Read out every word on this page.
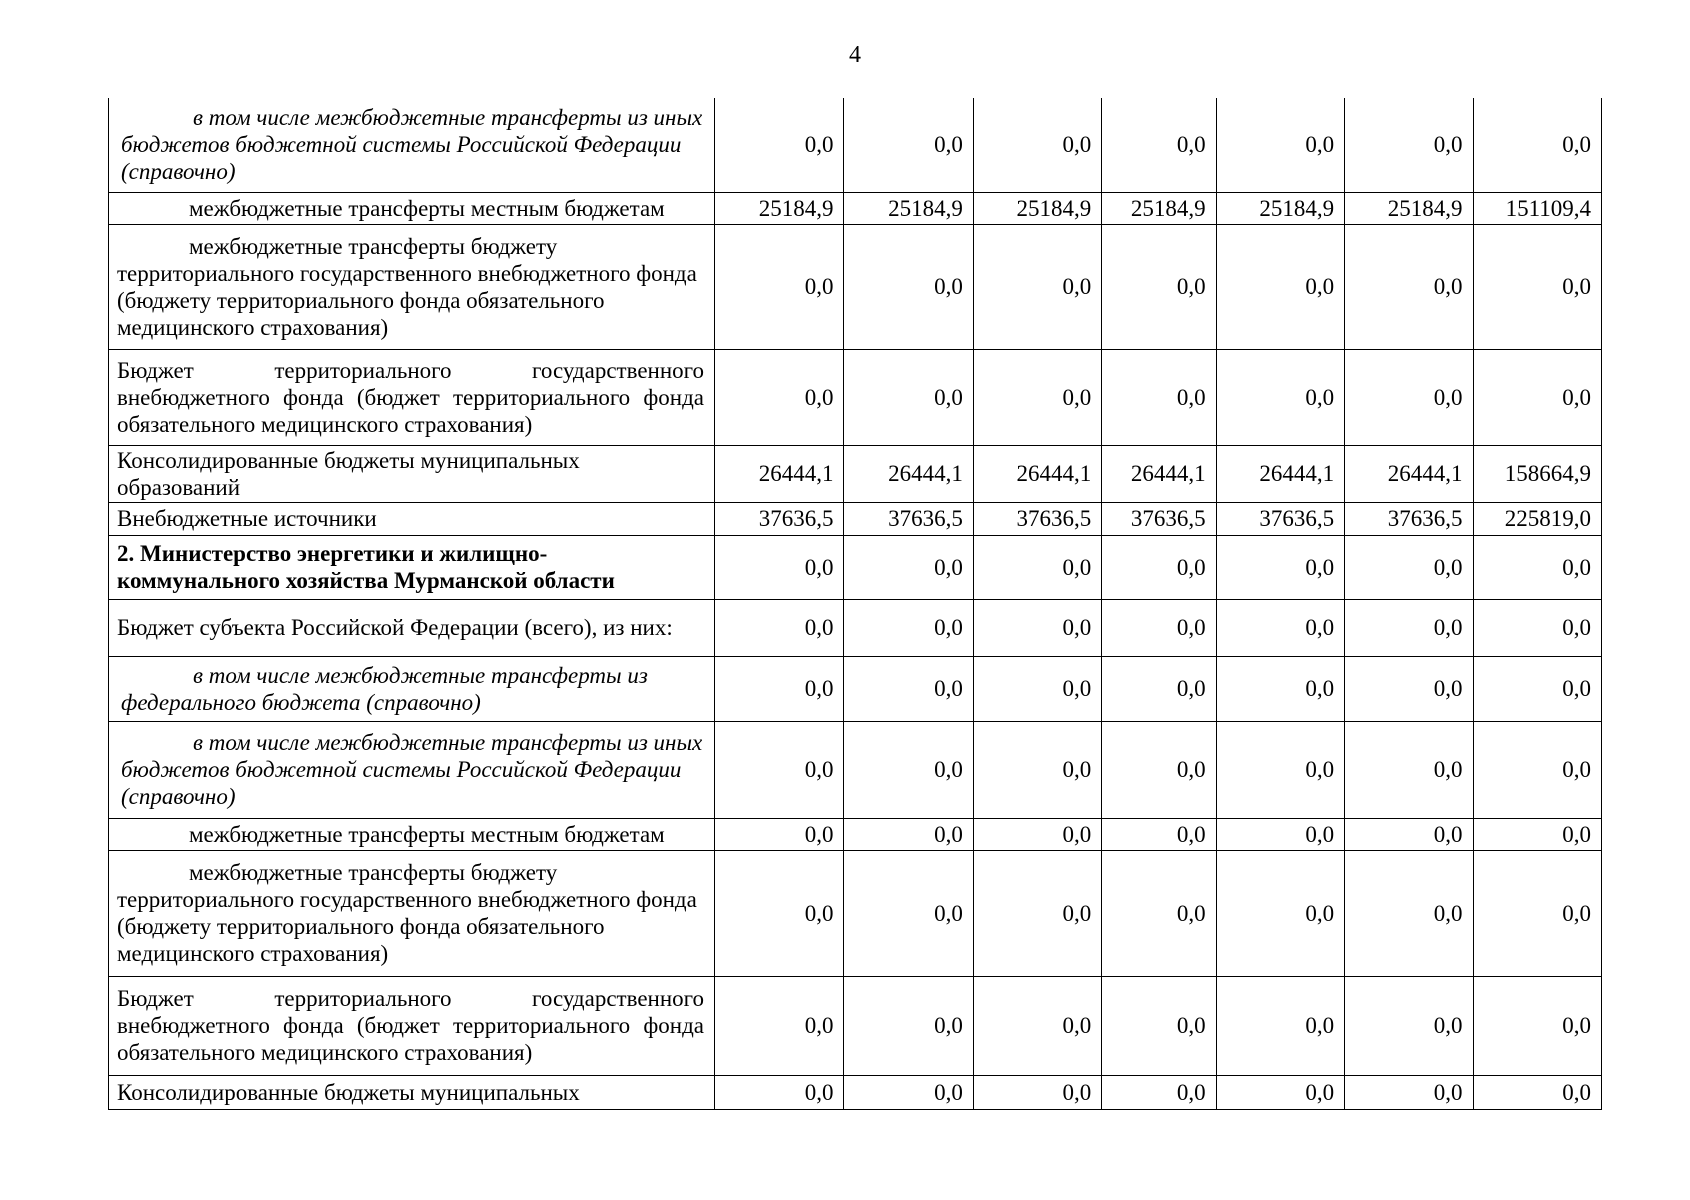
4
в том числе межбюджетные трансферты из иных бюджетов бюджетной системы Российской Федерации (справочно)	0,0	0,0	0,0	0,0	0,0	0,0	0,0

межбюджетные трансферты местным бюджетам	25184,9	25184,9	25184,9	25184,9	25184,9	25184,9	151109,4

межбюджетные трансферты бюджету территориального государственного внебюджетного фонда (бюджету территориального фонда обязательного медицинского страхования)	0,0	0,0	0,0	0,0	0,0	0,0	0,0
Бюджет территориального государственного внебюджетного фонда (бюджет территориального фонда обязательного медицинского страхования)	0,0	0,0	0,0	0,0	0,0	0,0	0,0
Консолидированные бюджеты муниципальных образований	26444,1	26444,1	26444,1	26444,1	26444,1	26444,1	158664,9
Внебюджетные источники	37636,5	37636,5	37636,5	37636,5	37636,5	37636,5	225819,0
2. Министерство энергетики и жилищно-коммунального хозяйства Мурманской области	0,0	0,0	0,0	0,0	0,0	0,0	0,0
Бюджет субъекта Российской Федерации (всего), из них:	0,0	0,0	0,0	0,0	0,0	0,0	0,0

в том числе межбюджетные трансферты из федерального бюджета (справочно)	0,0	0,0	0,0	0,0	0,0	0,0	0,0

в том числе межбюджетные трансферты из иных бюджетов бюджетной системы Российской Федерации (справочно)	0,0	0,0	0,0	0,0	0,0	0,0	0,0

межбюджетные трансферты местным бюджетам	0,0	0,0	0,0	0,0	0,0	0,0	0,0

межбюджетные трансферты бюджету территориального государственного внебюджетного фонда (бюджету территориального фонда обязательного медицинского страхования)	0,0	0,0	0,0	0,0	0,0	0,0	0,0
Бюджет территориального государственного внебюджетного фонда (бюджет территориального фонда обязательного медицинского страхования)	0,0	0,0	0,0	0,0	0,0	0,0	0,0
Консолидированные бюджеты муниципальных	0,0	0,0	0,0	0,0	0,0	0,0	0,0
